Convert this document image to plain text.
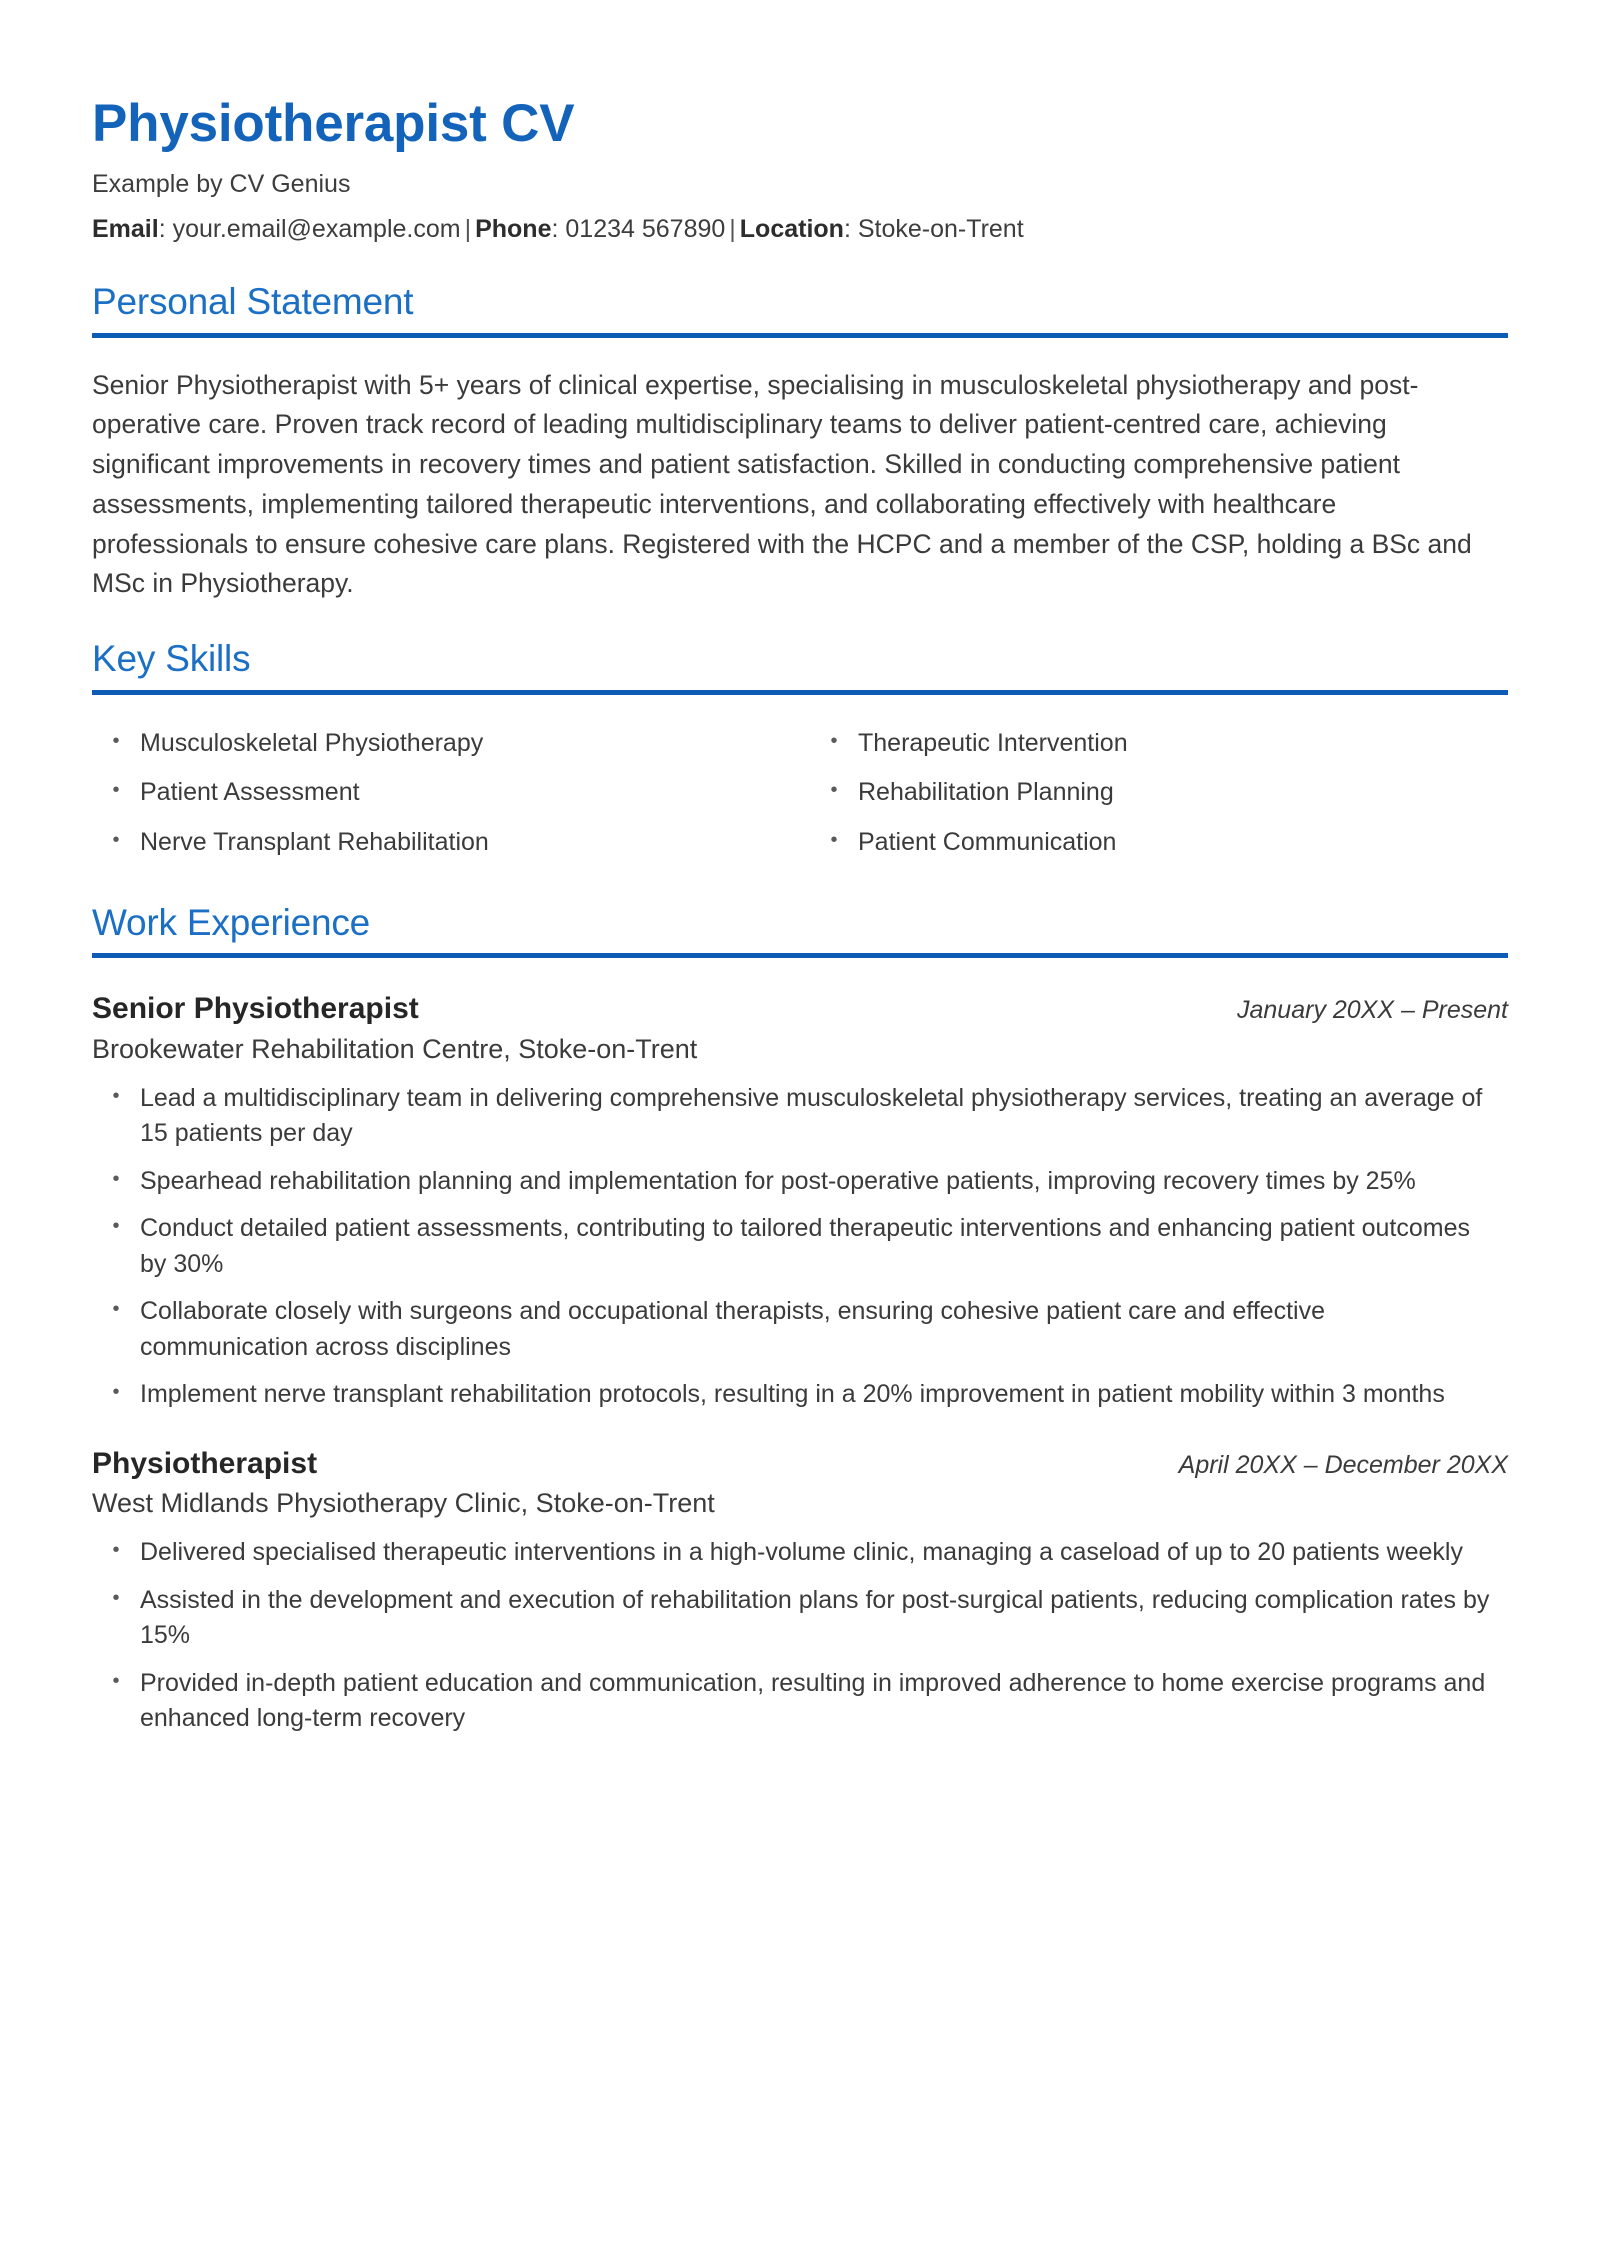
Physiotherapist CV
Example by CV Genius
Email: your.email@example.com | Phone: 01234 567890 | Location: Stoke-on-Trent
Personal Statement

Senior Physiotherapist with 5+ years of clinical expertise, specialising in musculoskeletal physiotherapy and post-operative care. Proven track record of leading multidisciplinary teams to deliver patient-centred care, achieving significant improvements in recovery times and patient satisfaction. Skilled in conducting comprehensive patient assessments, implementing tailored therapeutic interventions, and collaborating effectively with healthcare professionals to ensure cohesive care plans. Registered with the HCPC and a member of the CSP, holding a BSc and MSc in Physiotherapy.

Key Skills
• Musculoskeletal Physiotherapy	• Therapeutic Intervention
• Patient Assessment	• Rehabilitation Planning
• Nerve Transplant Rehabilitation	• Patient Communication
Work Experience
Senior Physiotherapist	January 20XX – Present
Brookewater Rehabilitation Centre, Stoke-on-Trent
• Lead a multidisciplinary team in delivering comprehensive musculoskeletal physiotherapy services, treating an average of 15 patients per day
• Spearhead rehabilitation planning and implementation for post-operative patients, improving recovery times by 25%
• Conduct detailed patient assessments, contributing to tailored therapeutic interventions and enhancing patient outcomes by 30%
• Collaborate closely with surgeons and occupational therapists, ensuring cohesive patient care and effective communication across disciplines
• Implement nerve transplant rehabilitation protocols, resulting in a 20% improvement in patient mobility within 3 months
Physiotherapist	April 20XX – December 20XX
West Midlands Physiotherapy Clinic, Stoke-on-Trent
• Delivered specialised therapeutic interventions in a high-volume clinic, managing a caseload of up to 20 patients weekly
• Assisted in the development and execution of rehabilitation plans for post-surgical patients, reducing complication rates by 15%
• Provided in-depth patient education and communication, resulting in improved adherence to home exercise programs and enhanced long-term recovery
